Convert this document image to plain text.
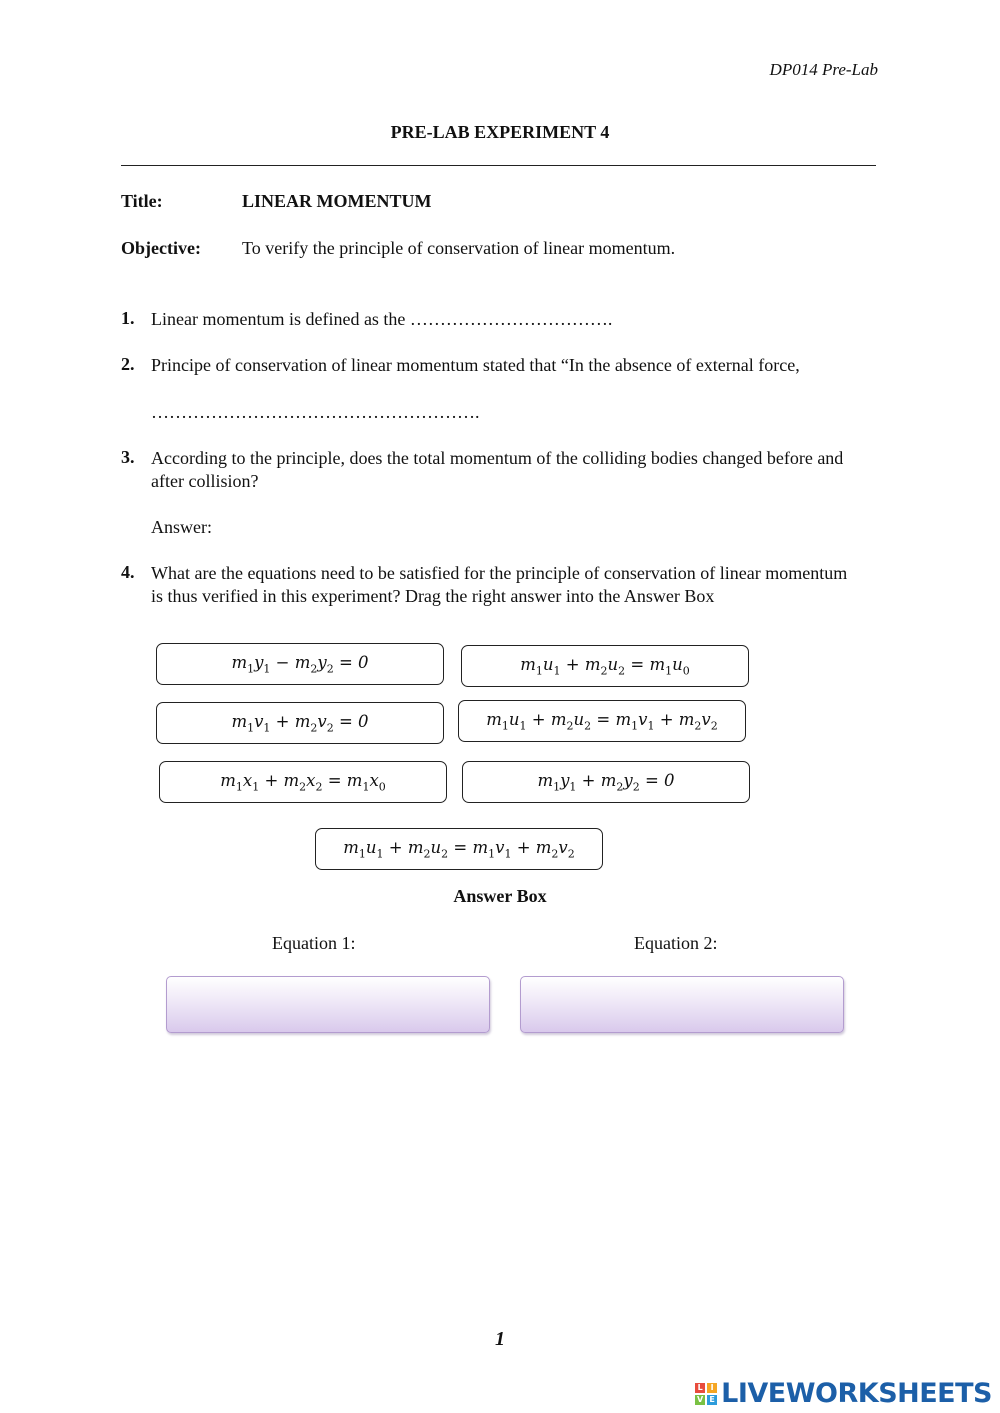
DP014 Pre-Lab
PRE-LAB EXPERIMENT 4
Title:	LINEAR MOMENTUM
Objective: To verify the principle of conservation of linear momentum.
1. Linear momentum is defined as the …………………………….
2. Principe of conservation of linear momentum stated that “In the absence of external force,
……………………………………………….
3. According to the principle, does the total momentum of the colliding bodies changed before and after collision?
Answer:
4. What are the equations need to be satisfied for the principle of conservation of linear momentum is thus verified in this experiment? Drag the right answer into the Answer Box
$m_1y_1 - m_2y_2 = 0$	$m_1u_1 + m_2u_2 = m_1u_0$
$m_1v_1 + m_2v_2 = 0$	$m_1u_1 + m_2u_2 = m_1v_1 + m_2v_2$
$m_1x_1 + m_2x_2 = m_1x_0$	$m_1y_1 + m_2y_2 = 0$
$m_1u_1 + m_2u_2 = m_1v_1 + m_2v_2$
Answer Box
Equation 1:	Equation 2:
1
L I
V E LIVEWORKSHEETS
